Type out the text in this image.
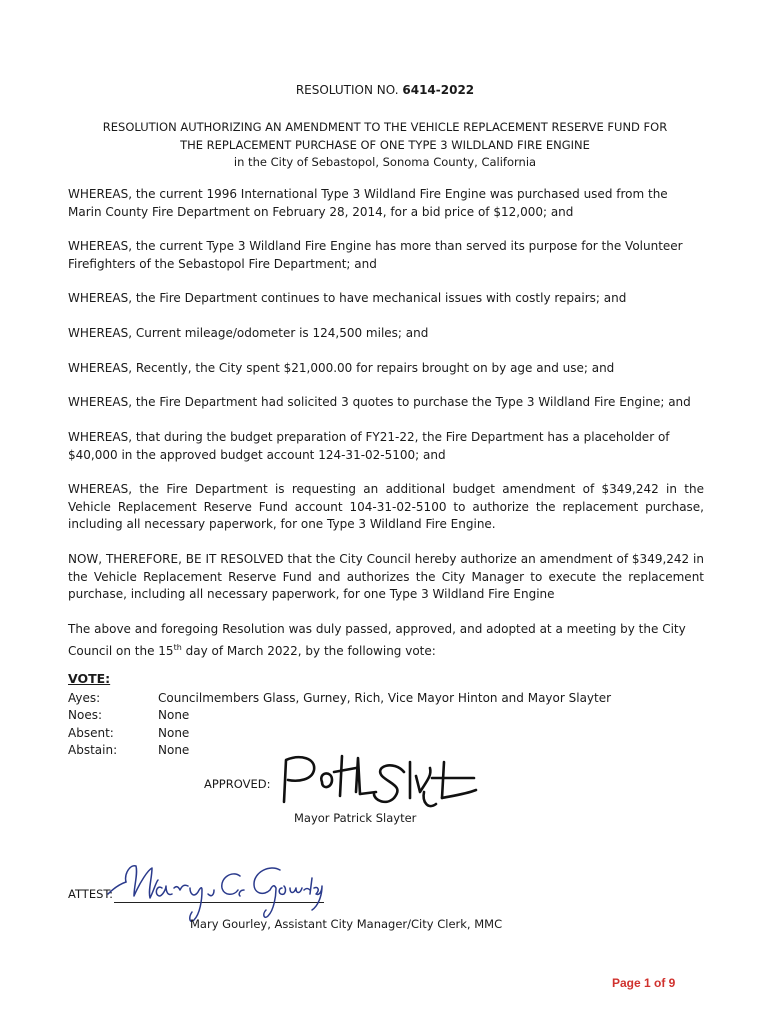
RESOLUTION NO. 6414-2022
RESOLUTION AUTHORIZING AN AMENDMENT TO THE VEHICLE REPLACEMENT RESERVE FUND FOR
THE REPLACEMENT PURCHASE OF ONE TYPE 3 WILDLAND FIRE ENGINE
in the City of Sebastopol, Sonoma County, California
WHEREAS, the current 1996 International Type 3 Wildland Fire Engine was purchased used from the Marin County Fire Department on February 28, 2014, for a bid price of $12,000; and
WHEREAS, the current Type 3 Wildland Fire Engine has more than served its purpose for the Volunteer Firefighters of the Sebastopol Fire Department; and
WHEREAS, the Fire Department continues to have mechanical issues with costly repairs; and
WHEREAS, Current mileage/odometer is 124,500 miles; and
WHEREAS, Recently, the City spent $21,000.00 for repairs brought on by age and use; and
WHEREAS, the Fire Department had solicited 3 quotes to purchase the Type 3 Wildland Fire Engine; and
WHEREAS, that during the budget preparation of FY21-22, the Fire Department has a placeholder of $40,000 in the approved budget account 124-31-02-5100; and
WHEREAS, the Fire Department is requesting an additional budget amendment of $349,242 in the Vehicle Replacement Reserve Fund account 104-31-02-5100 to authorize the replacement purchase, including all necessary paperwork, for one Type 3 Wildland Fire Engine.
NOW, THEREFORE, BE IT RESOLVED that the City Council hereby authorize an amendment of $349,242 in the Vehicle Replacement Reserve Fund and authorizes the City Manager to execute the replacement purchase, including all necessary paperwork, for one Type 3 Wildland Fire Engine
The above and foregoing Resolution was duly passed, approved, and adopted at a meeting by the City Council on the 15th day of March 2022, by the following vote:
VOTE:
Ayes:	Councilmembers Glass, Gurney, Rich, Vice Mayor Hinton and Mayor Slayter
Noes:	None
Absent:	None
Abstain:	None
APPROVED:
Mayor Patrick Slayter
ATTEST:
Mary Gourley, Assistant City Manager/City Clerk, MMC
Page 1 of 9
